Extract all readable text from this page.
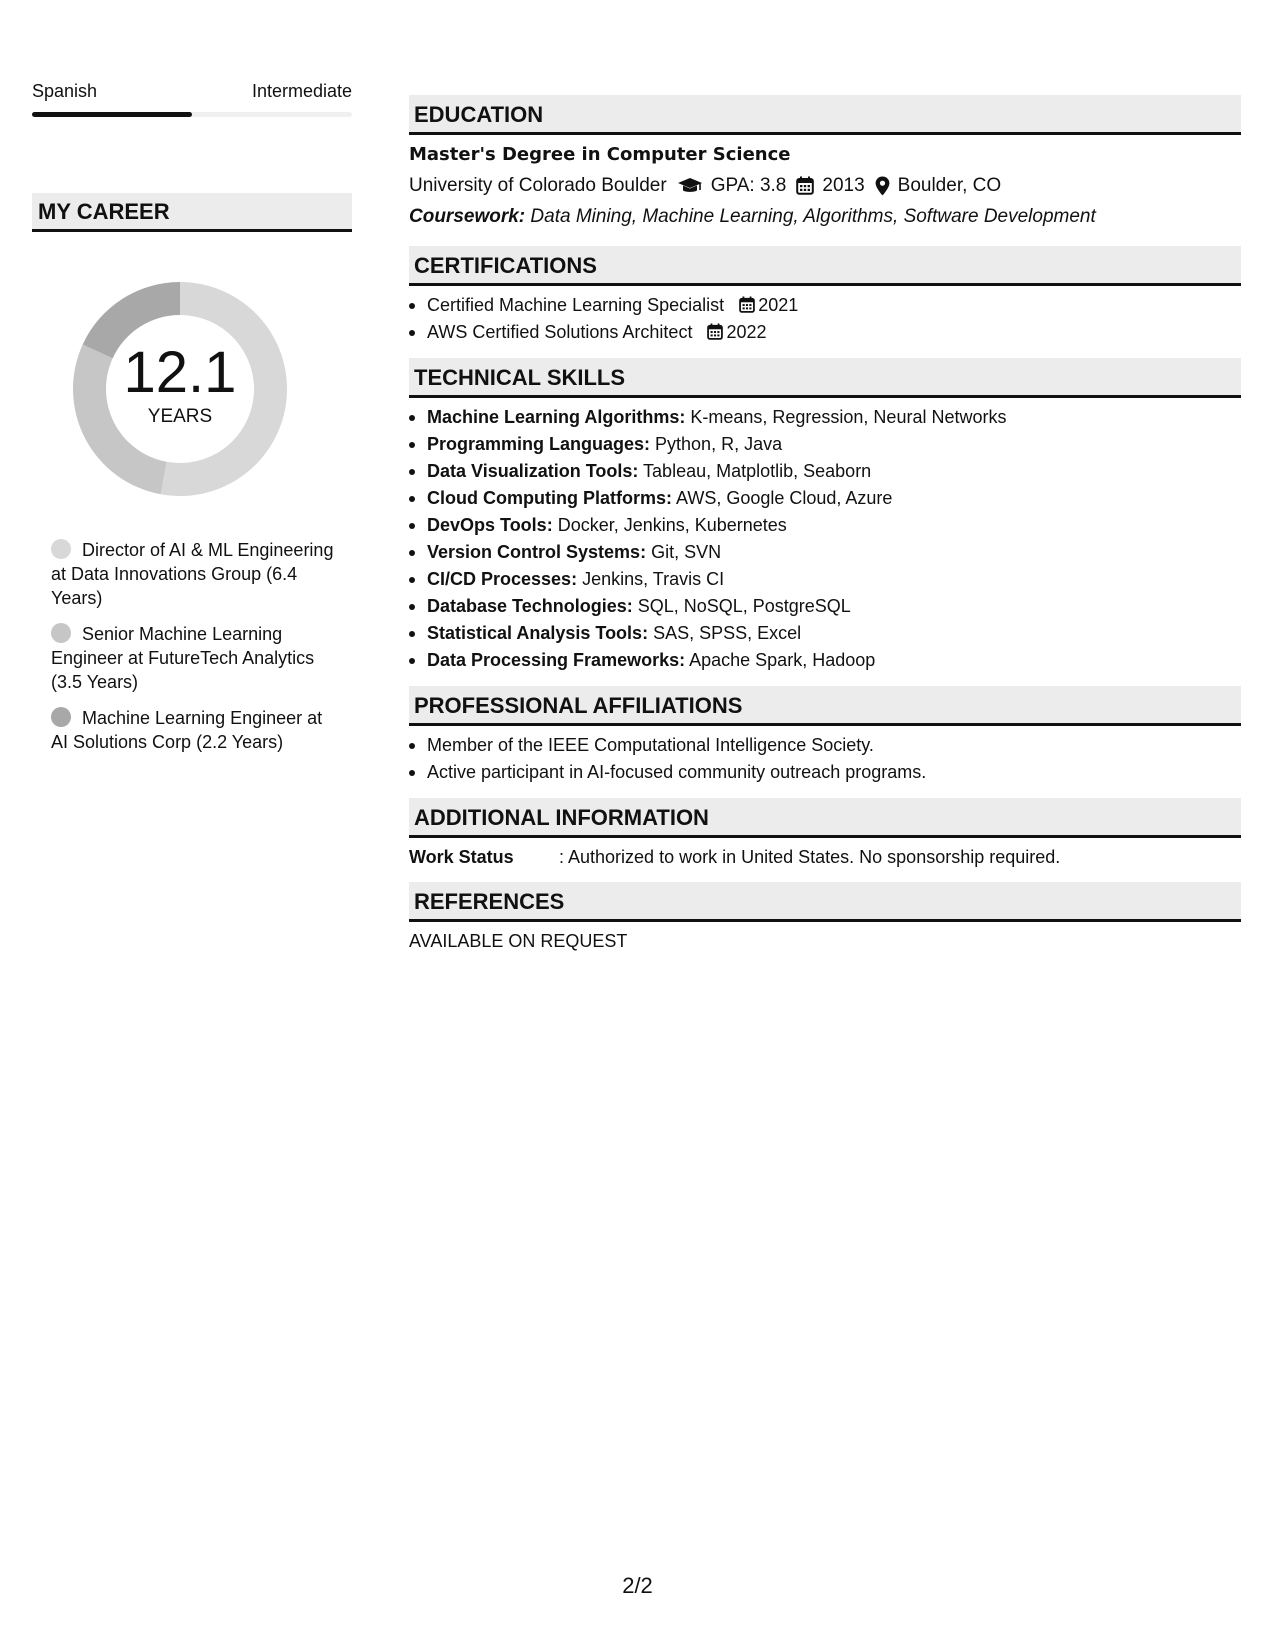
Spanish	Intermediate
MY CAREER
12.1
YEARS
Director of AI & ML Engineering at Data Innovations Group (6.4 Years)
Senior Machine Learning Engineer at FutureTech Analytics (3.5 Years)
Machine Learning Engineer at AI Solutions Corp (2.2 Years)
EDUCATION
Master's Degree in Computer Science
University of Colorado Boulder GPA: 3.8 2013 Boulder, CO
Coursework: Data Mining, Machine Learning, Algorithms, Software Development
CERTIFICATIONS
Certified Machine Learning Specialist 2021
AWS Certified Solutions Architect 2022
TECHNICAL SKILLS
Machine Learning Algorithms: K-means, Regression, Neural Networks
Programming Languages: Python, R, Java
Data Visualization Tools: Tableau, Matplotlib, Seaborn
Cloud Computing Platforms: AWS, Google Cloud, Azure
DevOps Tools: Docker, Jenkins, Kubernetes
Version Control Systems: Git, SVN
CI/CD Processes: Jenkins, Travis CI
Database Technologies: SQL, NoSQL, PostgreSQL
Statistical Analysis Tools: SAS, SPSS, Excel
Data Processing Frameworks: Apache Spark, Hadoop
PROFESSIONAL AFFILIATIONS
Member of the IEEE Computational Intelligence Society.
Active participant in AI-focused community outreach programs.
ADDITIONAL INFORMATION
Work Status	: Authorized to work in United States. No sponsorship required.
REFERENCES
AVAILABLE ON REQUEST
2/2
